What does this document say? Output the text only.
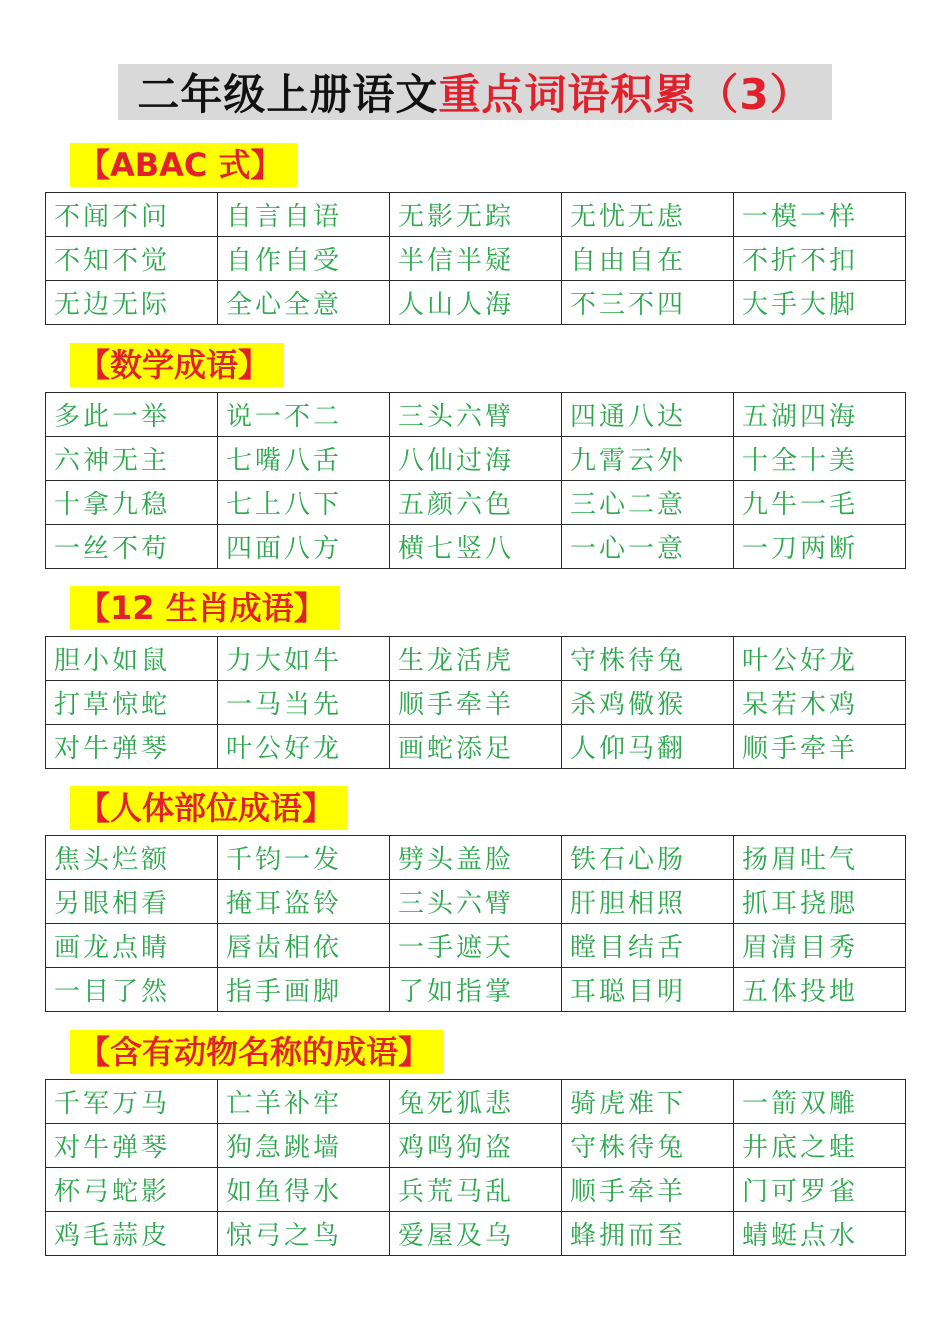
二年级上册语文 重点词语积累（3）
【ABAC 式】
不闻不问	自言自语	无影无踪	无忧无虑	一模一样
不知不觉	自作自受	半信半疑	自由自在	不折不扣
无边无际	全心全意	人山人海	不三不四	大手大脚
【数学成语】
多此一举	说一不二	三头六臂	四通八达	五湖四海
六神无主	七嘴八舌	八仙过海	九霄云外	十全十美
十拿九稳	七上八下	五颜六色	三心二意	九牛一毛
一丝不苟	四面八方	横七竖八	一心一意	一刀两断
【12 生肖成语】
胆小如鼠	力大如牛	生龙活虎	守株待兔	叶公好龙
打草惊蛇	一马当先	顺手牵羊	杀鸡儆猴	呆若木鸡
对牛弹琴	叶公好龙	画蛇添足	人仰马翻	顺手牵羊
【人体部位成语】
焦头烂额	千钧一发	劈头盖脸	铁石心肠	扬眉吐气
另眼相看	掩耳盗铃	三头六臂	肝胆相照	抓耳挠腮
画龙点睛	唇齿相依	一手遮天	瞠目结舌	眉清目秀
一目了然	指手画脚	了如指掌	耳聪目明	五体投地
【含有动物名称的成语】
千军万马	亡羊补牢	兔死狐悲	骑虎难下	一箭双雕
对牛弹琴	狗急跳墙	鸡鸣狗盗	守株待兔	井底之蛙
杯弓蛇影	如鱼得水	兵荒马乱	顺手牵羊	门可罗雀
鸡毛蒜皮	惊弓之鸟	爱屋及乌	蜂拥而至	蜻蜓点水
